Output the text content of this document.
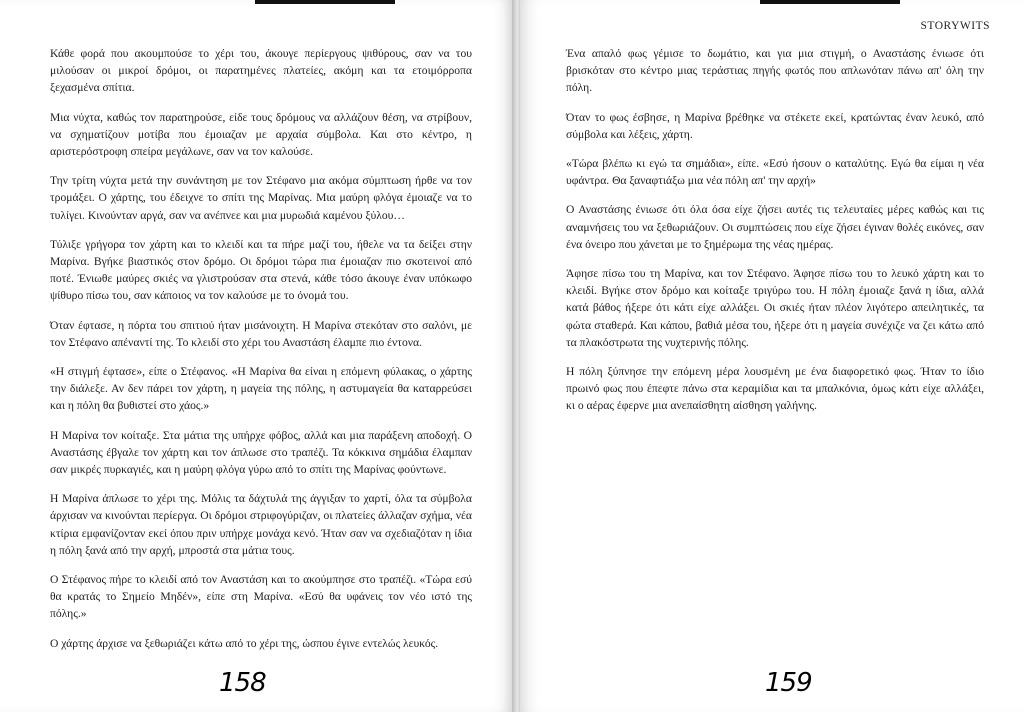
Κάθε φορά που ακουμπούσε το χέρι του, άκουγε περίεργους ψιθύρους, σαν να του μιλούσαν οι μικροί δρόμοι, οι παρατημένες πλατείες, ακόμη και τα ετοιμόρροπα ξεχασμένα σπίτια.

Μια νύχτα, καθώς τον παρατηρούσε, είδε τους δρόμους να αλλάζουν θέση, να στρίβουν, να σχηματίζουν μοτίβα που έμοιαζαν με αρχαία σύμβολα. Και στο κέντρο, η αριστερόστροφη σπείρα μεγάλωνε, σαν να τον καλούσε.

Την τρίτη νύχτα μετά την συνάντηση με τον Στέφανο μια ακόμα σύμπτωση ήρθε να τον τρομάξει. Ο χάρτης, του έδειχνε το σπίτι της Μαρίνας. Μια μαύρη φλόγα έμοιαζε να το τυλίγει. Κινούνταν αργά, σαν να ανέπνεε και μια μυρωδιά καμένου ξύλου…

Τύλιξε γρήγορα τον χάρτη και το κλειδί και τα πήρε μαζί του, ήθελε να τα δείξει στην Μαρίνα. Βγήκε βιαστικός στον δρόμο. Οι δρόμοι τώρα πια έμοιαζαν πιο σκοτεινοί από ποτέ. Ένιωθε μαύρες σκιές να γλιστρούσαν στα στενά, κάθε τόσο άκουγε έναν υπόκωφο ψίθυρο πίσω του, σαν κάποιος να τον καλούσε με το όνομά του.

Όταν έφτασε, η πόρτα του σπιτιού ήταν μισάνοιχτη. Η Μαρίνα στεκόταν στο σαλόνι, με τον Στέφανο απέναντί της. Το κλειδί στο χέρι του Αναστάση έλαμπε πιο έντονα.

«Η στιγμή έφτασε», είπε ο Στέφανος. «Η Μαρίνα θα είναι η επόμενη φύλακας, ο χάρτης την διάλεξε. Αν δεν πάρει τον χάρτη, η μαγεία της πόλης, η αστυμαγεία θα καταρρεύσει και η πόλη θα βυθιστεί στο χάος.»

Η Μαρίνα τον κοίταξε. Στα μάτια της υπήρχε φόβος, αλλά και μια παράξενη αποδοχή. Ο Αναστάσης έβγαλε τον χάρτη και τον άπλωσε στο τραπέζι. Τα κόκκινα σημάδια έλαμπαν σαν μικρές πυρκαγιές, και η μαύρη φλόγα γύρω από το σπίτι της Μαρίνας φούντωνε.

Η Μαρίνα άπλωσε το χέρι της. Μόλις τα δάχτυλά της άγγιξαν το χαρτί, όλα τα σύμβολα άρχισαν να κινούνται περίεργα. Οι δρόμοι στριφογύριζαν, οι πλατείες άλλαζαν σχήμα, νέα κτίρια εμφανίζονταν εκεί όπου πριν υπήρχε μονάχα κενό. Ήταν σαν να σχεδιαζόταν η ίδια η πόλη ξανά από την αρχή, μπροστά στα μάτια τους.

Ο Στέφανος πήρε το κλειδί από τον Αναστάση και το ακούμπησε στο τραπέζι. «Τώρα εσύ θα κρατάς το Σημείο Μηδέν», είπε στη Μαρίνα. «Εσύ θα υφάνεις τον νέο ιστό της πόλης.»

Ο χάρτης άρχισε να ξεθωριάζει κάτω από το χέρι της, ώσπου έγινε εντελώς λευκός.

158
STORYWITS

Ένα απαλό φως γέμισε το δωμάτιο, και για μια στιγμή, ο Αναστάσης ένιωσε ότι βρισκόταν στο κέντρο μιας τεράστιας πηγής φωτός που απλωνόταν πάνω απ' όλη την πόλη.

Όταν το φως έσβησε, η Μαρίνα βρέθηκε να στέκετε εκεί, κρατώντας έναν λευκό, από σύμβολα και λέξεις, χάρτη.

«Τώρα βλέπω κι εγώ τα σημάδια», είπε. «Εσύ ήσουν ο καταλύτης. Εγώ θα είμαι η νέα υφάντρα. Θα ξαναφτιάξω μια νέα πόλη απ' την αρχή»

Ο Αναστάσης ένιωσε ότι όλα όσα είχε ζήσει αυτές τις τελευταίες μέρες καθώς και τις αναμνήσεις του να ξεθωριάζουν. Οι συμπτώσεις που είχε ζήσει έγιναν θολές εικόνες, σαν ένα όνειρο που χάνεται με το ξημέρωμα της νέας ημέρας.

Άφησε πίσω του τη Μαρίνα, και τον Στέφανο. Άφησε πίσω του το λευκό χάρτη και το κλειδί. Βγήκε στον δρόμο και κοίταξε τριγύρω του. Η πόλη έμοιαζε ξανά η ίδια, αλλά κατά βάθος ήξερε ότι κάτι είχε αλλάξει. Οι σκιές ήταν πλέον λιγότερο απειλητικές, τα φώτα σταθερά. Και κάπου, βαθιά μέσα του, ήξερε ότι η μαγεία συνέχιζε να ζει κάτω από τα πλακόστρωτα της νυχτερινής πόλης.

Η πόλη ξύπνησε την επόμενη μέρα λουσμένη με ένα διαφορετικό φως. Ήταν το ίδιο πρωινό φως που έπεφτε πάνω στα κεραμίδια και τα μπαλκόνια, όμως κάτι είχε αλλάξει, κι ο αέρας έφερνε μια ανεπαίσθητη αίσθηση γαλήνης.

159
